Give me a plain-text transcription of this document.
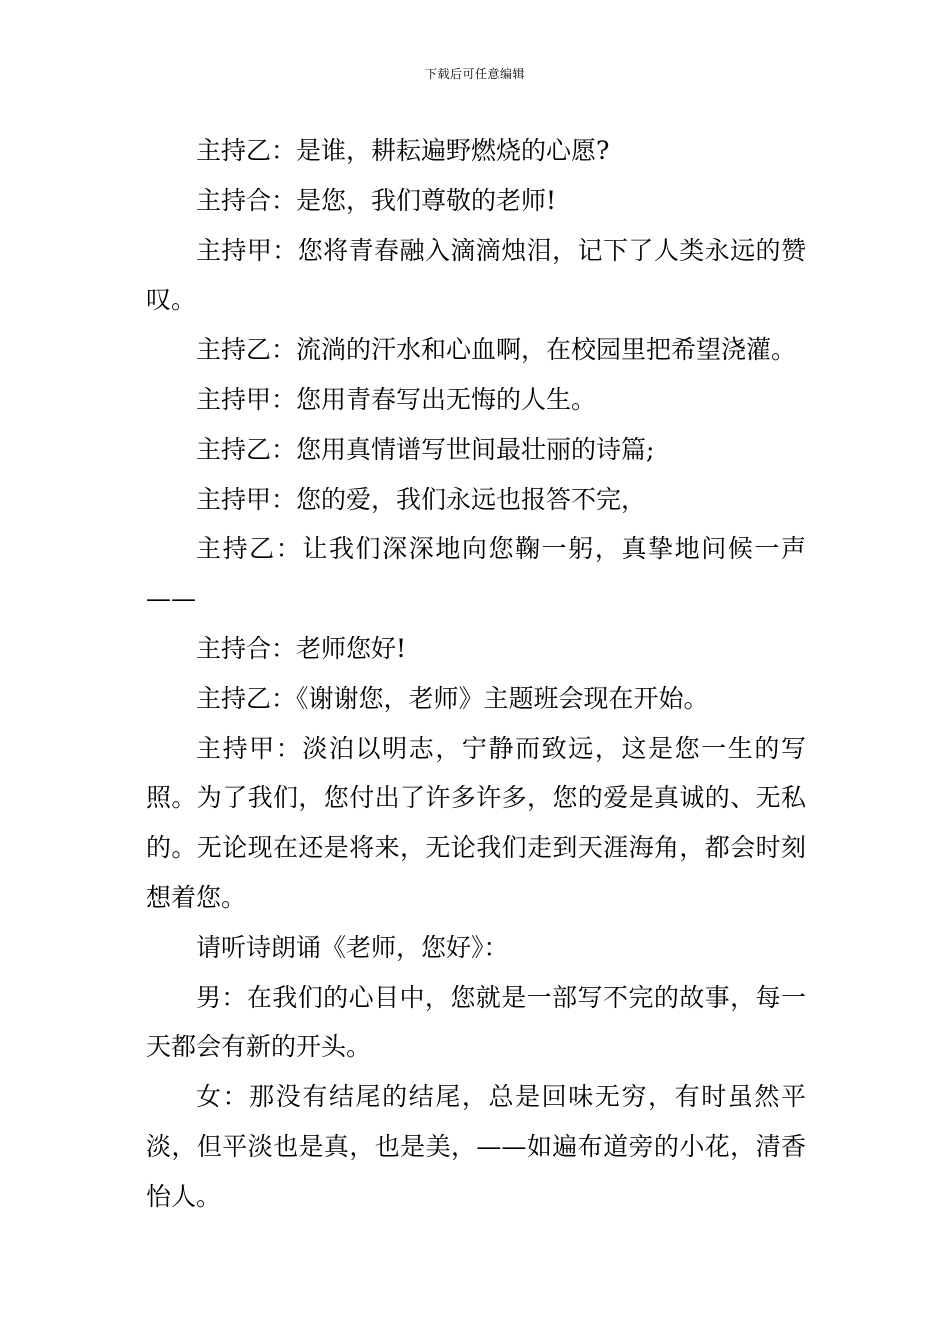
下载后可任意编辑

主持乙：是谁，耕耘遍野燃烧的心愿?

主持合：是您，我们尊敬的老师!

主持甲：您将青春融入滴滴烛泪，记下了人类永远的赞叹。

主持乙：流淌的汗水和心血啊，在校园里把希望浇灌。

主持甲：您用青春写出无悔的人生。

主持乙：您用真情谱写世间最壮丽的诗篇;

主持甲：您的爱，我们永远也报答不完，

主持乙：让我们深深地向您鞠一躬，真挚地问候一声——

主持合：老师您好!

主持乙：《谢谢您，老师》主题班会现在开始。

主持甲：淡泊以明志，宁静而致远，这是您一生的写照。为了我们，您付出了许多许多，您的爱是真诚的、无私的。无论现在还是将来，无论我们走到天涯海角，都会时刻想着您。

请听诗朗诵《老师，您好》：

男：在我们的心目中，您就是一部写不完的故事，每一天都会有新的开头。

女：那没有结尾的结尾，总是回味无穷，有时虽然平淡，但平淡也是真，也是美，——如遍布道旁的小花，清香怡人。
